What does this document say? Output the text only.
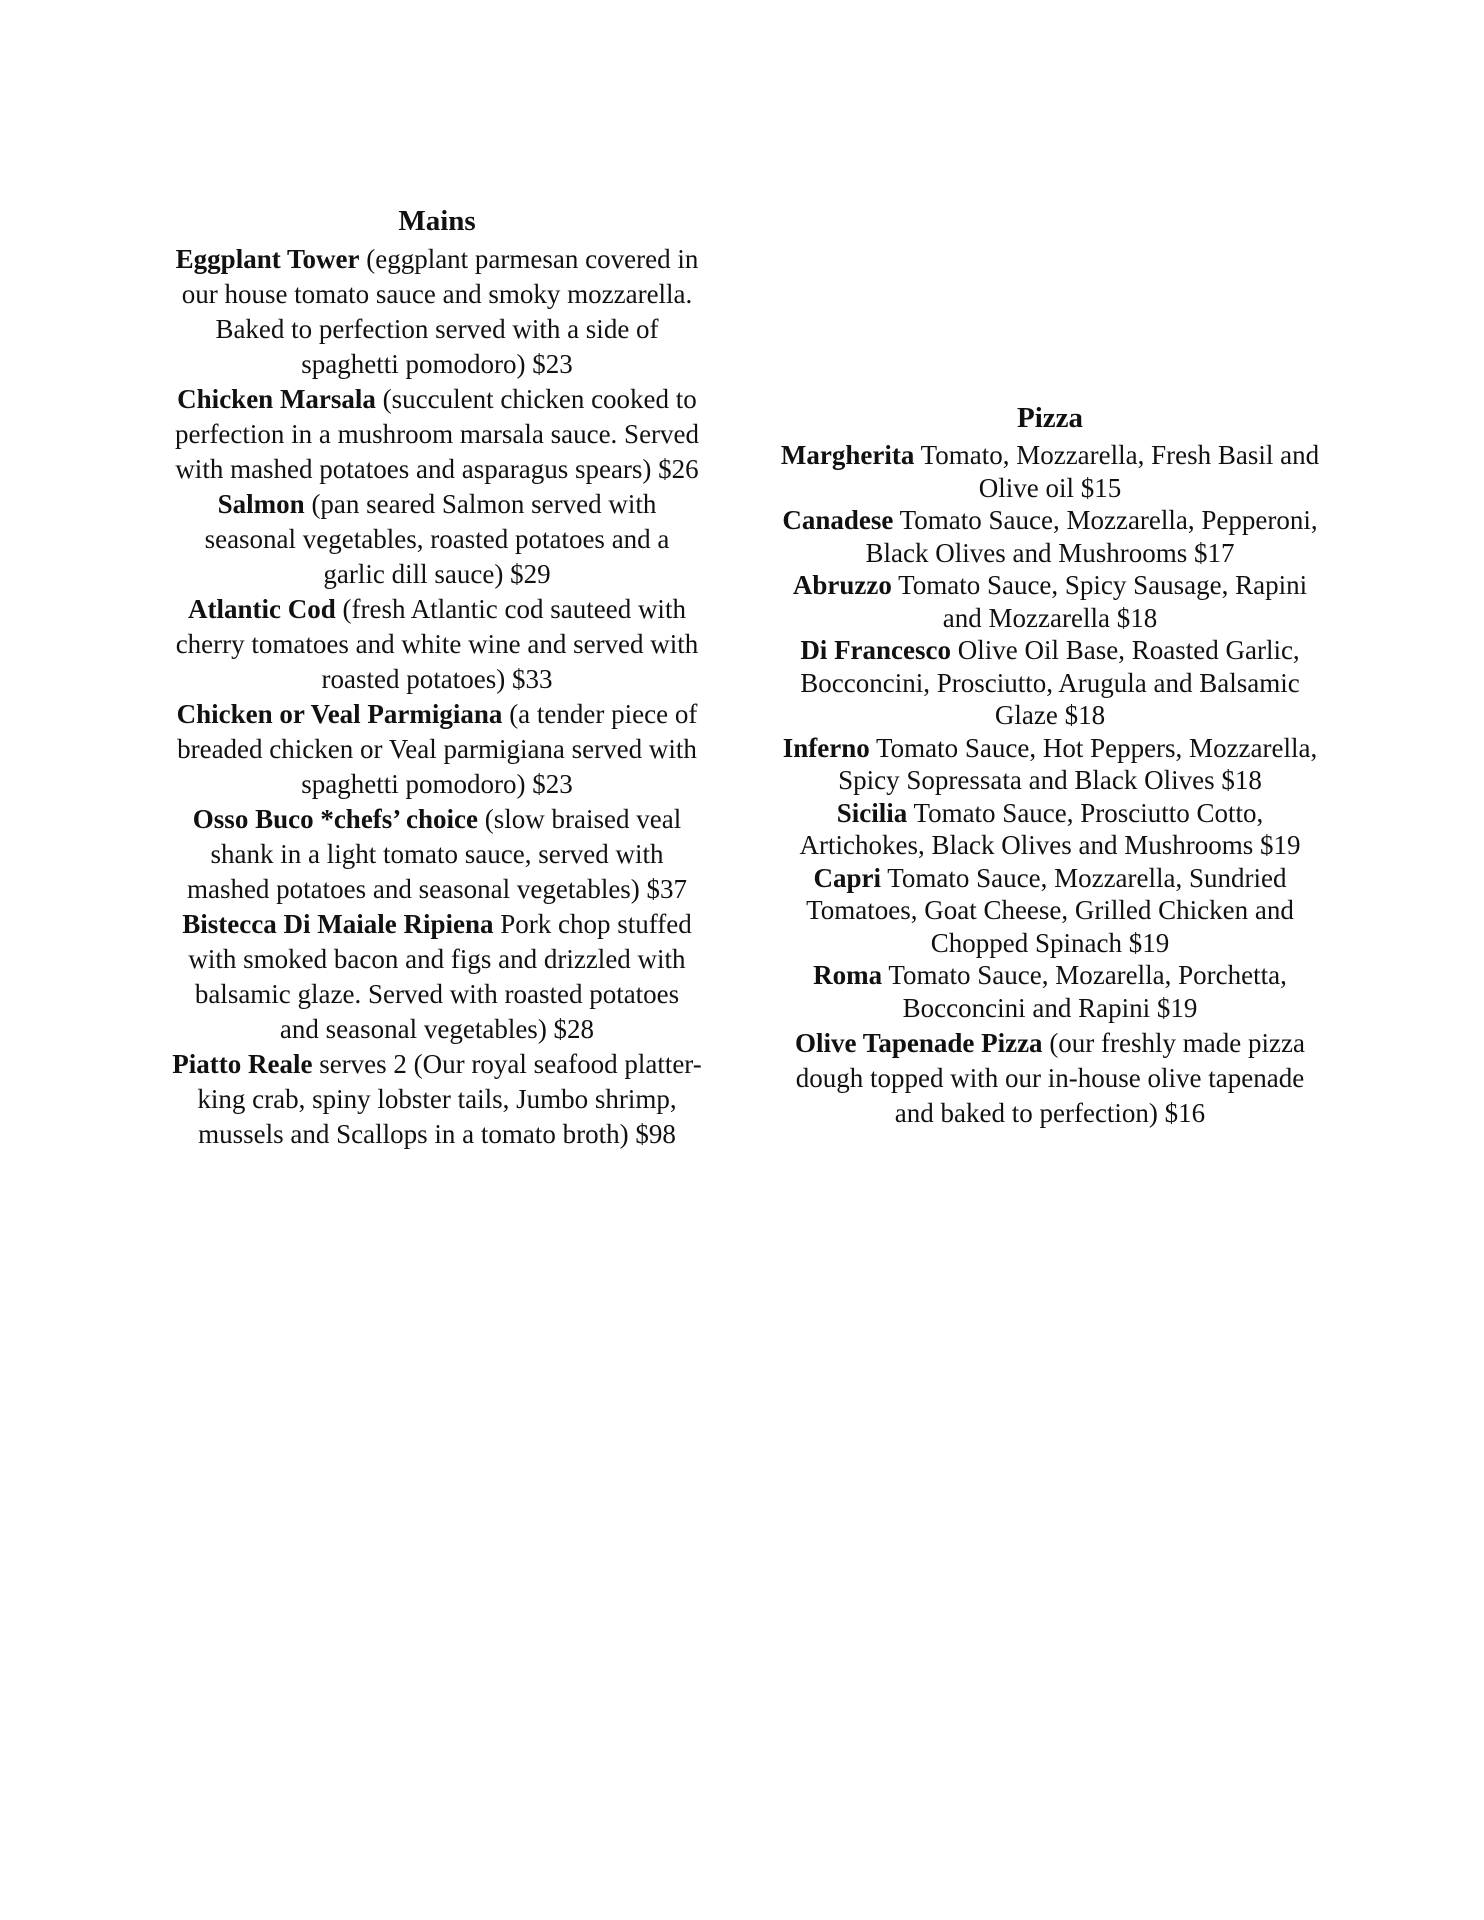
Mains

Eggplant Tower (eggplant parmesan covered in our house tomato sauce and smoky mozzarella. Baked to perfection served with a side of spaghetti pomodoro) $23

Chicken Marsala (succulent chicken cooked to perfection in a mushroom marsala sauce. Served with mashed potatoes and asparagus spears) $26

Salmon (pan seared Salmon served with seasonal vegetables, roasted potatoes and a garlic dill sauce) $29

Atlantic Cod (fresh Atlantic cod sauteed with cherry tomatoes and white wine and served with roasted potatoes) $33

Chicken or Veal Parmigiana (a tender piece of breaded chicken or Veal parmigiana served with spaghetti pomodoro) $23

Osso Buco *chefs’ choice (slow braised veal shank in a light tomato sauce, served with mashed potatoes and seasonal vegetables) $37

Bistecca Di Maiale Ripiena Pork chop stuffed with smoked bacon and figs and drizzled with balsamic glaze. Served with roasted potatoes and seasonal vegetables) $28

Piatto Reale serves 2 (Our royal seafood platter-king crab, spiny lobster tails, Jumbo shrimp, mussels and Scallops in a tomato broth) $98

Pizza

Margherita Tomato, Mozzarella, Fresh Basil and Olive oil $15

Canadese Tomato Sauce, Mozzarella, Pepperoni, Black Olives and Mushrooms $17

Abruzzo Tomato Sauce, Spicy Sausage, Rapini and Mozzarella $18

Di Francesco Olive Oil Base, Roasted Garlic, Bocconcini, Prosciutto, Arugula and Balsamic Glaze $18

Inferno Tomato Sauce, Hot Peppers, Mozzarella, Spicy Sopressata and Black Olives $18

Sicilia Tomato Sauce, Prosciutto Cotto, Artichokes, Black Olives and Mushrooms $19

Capri Tomato Sauce, Mozzarella, Sundried Tomatoes, Goat Cheese, Grilled Chicken and Chopped Spinach $19

Roma Tomato Sauce, Mozarella, Porchetta, Bocconcini and Rapini $19

Olive Tapenade Pizza (our freshly made pizza dough topped with our in-house olive tapenade and baked to perfection) $16
